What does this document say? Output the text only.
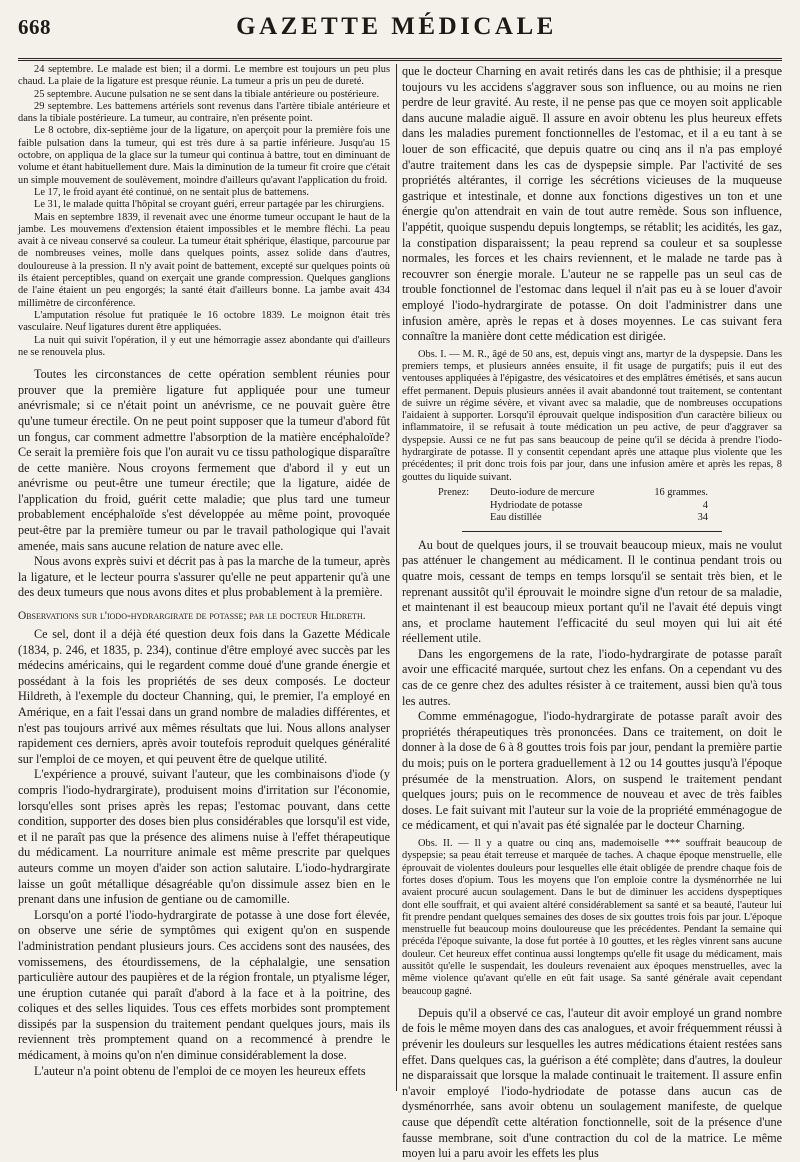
668	GAZETTE MÉDICALE

24 septembre. Le malade est bien; il a dormi. Le membre est toujours un peu plus chaud. La plaie de la ligature est presque réunie. La tumeur a pris un peu de dureté.

25 septembre. Aucune pulsation ne se sent dans la tibiale antérieure ou postérieure.

29 septembre. Les battemens artériels sont revenus dans l'artère tibiale antérieure et dans la tibiale postérieure. La tumeur, au contraire, n'en présente point.

Le 8 octobre, dix-septième jour de la ligature, on aperçoit pour la première fois une faible pulsation dans la tumeur, qui est très dure à sa partie inférieure. Jusqu'au 15 octobre, on appliqua de la glace sur la tumeur qui continua à battre, tout en diminuant de volume et étant habituellement dure. Mais la diminution de la tumeur fit croire que c'était un simple mouvement de soulèvement, moindre d'ailleurs qu'avant l'application du froid.

Le 17, le froid ayant été continué, on ne sentait plus de battemens.

Le 31, le malade quitta l'hôpital se croyant guéri, erreur partagée par les chirurgiens.

Mais en septembre 1839, il revenait avec une énorme tumeur occupant le haut de la jambe. Les mouvemens d'extension étaient impossibles et le membre fléchi. La peau avait à ce niveau conservé sa couleur. La tumeur était sphérique, élastique, parcourue par de nombreuses veines, molle dans quelques points, assez solide dans d'autres, douloureuse à la pression. Il n'y avait point de battement, excepté sur quelques points où ils étaient perceptibles, quand on exerçait une grande compression. Quelques ganglions de l'aine étaient un peu engorgés; la santé était d'ailleurs bonne. La jambe avait 434 millimètre de circonférence.

L'amputation résolue fut pratiquée le 16 octobre 1839. Le moignon était très vasculaire. Neuf ligatures durent être appliquées.

La nuit qui suivit l'opération, il y eut une hémorragie assez abondante qui d'ailleurs ne se renouvela plus.

Toutes les circonstances de cette opération semblent réunies pour prouver que la première ligature fut appliquée pour une tumeur anévrismale; si ce n'était point un anévrisme, ce ne pouvait guère être qu'une tumeur érectile. On ne peut point supposer que la tumeur d'abord fût un fongus, car comment admettre l'absorption de la matière encéphaloïde? Ce serait la première fois que l'on aurait vu ce tissu pathologique disparaître de cette manière. Nous croyons fermement que d'abord il y eut un anévrisme ou peut-être une tumeur érectile; que la ligature, aidée de l'application du froid, guérit cette maladie; que plus tard une tumeur probablement encéphaloïde s'est développée au même point, provoquée peut-être par la première tumeur ou par le travail pathologique qui l'avait amenée, mais sans aucune relation de nature avec elle.

Nous avons exprès suivi et décrit pas à pas la marche de la tumeur, après la ligature, et le lecteur pourra s'assurer qu'elle ne peut appartenir qu'à une des deux tumeurs que nous avons dites et plus probablement à la première.

Observations sur l'iodo-hydrargirate de potasse; par le docteur Hildreth.

Ce sel, dont il a déjà été question deux fois dans la Gazette Médicale (1834, p. 246, et 1835, p. 234), continue d'être employé avec succès par les médecins américains, qui le regardent comme doué d'une grande énergie et possédant à la fois les propriétés de ses deux composés. Le docteur Hildreth, à l'exemple du docteur Channing, qui, le premier, l'a employé en Amérique, en a fait l'essai dans un grand nombre de maladies différentes, et n'est pas toujours arrivé aux mêmes résultats que lui. Nous allons analyser rapidement ces derniers, après avoir toutefois reproduit quelques généralité sur l'emploi de ce moyen, et qui peuvent être de quelque utilité.

L'expérience a prouvé, suivant l'auteur, que les combinaisons d'iode (y compris l'iodo-hydrargirate), produisent moins d'irritation sur l'économie, lorsqu'elles sont prises après les repas; l'estomac pouvant, dans cette condition, supporter des doses bien plus considérables que lorsqu'il est vide, et il ne paraît pas que la présence des alimens nuise à l'effet thérapeutique du médicament. La nourriture animale est même prescrite par quelques auteurs comme un moyen d'aider son action salutaire. L'iodo-hydrargirate laisse un goût métallique désagréable qu'on dissimule assez bien en le prenant dans une infusion de gentiane ou de camomille.

Lorsqu'on a porté l'iodo-hydrargirate de potasse à une dose fort élevée, on observe une série de symptômes qui exigent qu'on en suspende l'administration pendant plusieurs jours. Ces accidens sont des nausées, des vomissemens, des étourdissemens, de la céphalalgie, une sensation particulière autour des paupières et de la région frontale, un ptyalisme léger, une éruption cutanée qui paraît d'abord à la face et à la poitrine, des coliques et des selles liquides. Tous ces effets morbides sont promptement dissipés par la suspension du traitement pendant quelques jours, mais ils reviennent très promptement quand on a recommencé à prendre le médicament, à moins qu'on n'en diminue considérablement la dose.

L'auteur n'a point obtenu de l'emploi de ce moyen les heureux effets

que le docteur Charning en avait retirés dans les cas de phthisie; il a presque toujours vu les accidens s'aggraver sous son influence, ou au moins ne rien perdre de leur gravité. Au reste, il ne pense pas que ce moyen soit applicable dans aucune maladie aiguë. Il assure en avoir obtenu les plus heureux effets dans les maladies purement fonctionnelles de l'estomac, et il a eu tant à se louer de son efficacité, que depuis quatre ou cinq ans il n'a pas employé d'autre traitement dans les cas de dyspepsie simple. Par l'activité de ses propriétés altérantes, il corrige les sécrétions vicieuses de la muqueuse gastrique et intestinale, et donne aux fonctions digestives un ton et une énergie qu'on attendrait en vain de tout autre remède. Sous son influence, l'appétit, quoique suspendu depuis longtemps, se rétablit; les acidités, les gaz, la constipation disparaissent; la peau reprend sa couleur et sa souplesse normales, les forces et les chairs reviennent, et le malade ne tarde pas à recouvrer son énergie morale. L'auteur ne se rappelle pas un seul cas de trouble fonctionnel de l'estomac dans lequel il n'ait pas eu à se louer d'avoir employé l'iodo-hydrargirate de potasse. On doit l'administrer dans une infusion amère, après le repas et à doses moyennes. Le cas suivant fera connaître la manière dont cette médication est dirigée.

Obs. I. — M. R., âgé de 50 ans, est, depuis vingt ans, martyr de la dyspepsie. Dans les premiers temps, et plusieurs années ensuite, il fit usage de purgatifs; puis il eut des ventouses appliquées à l'épigastre, des vésicatoires et des emplâtres émétisés, et sans aucun effet permanent. Depuis plusieurs années il avait abandonné tout traitement, se contentant de suivre un régime sévère, et vivant avec sa maladie, que de nombreuses occupations l'aidaient à supporter. Lorsqu'il éprouvait quelque indisposition d'un caractère bilieux ou inflammatoire, il se refusait à toute médication un peu active, de peur d'aggraver sa dyspepsie. Aussi ce ne fut pas sans beaucoup de peine qu'il se décida à prendre l'iodo-hydrargirate de potasse. Il y consentit cependant après une attaque plus violente que les précédentes; il prit donc trois fois par jour, dans une infusion amère et après les repas, 8 gouttes du liquide suivant.

Prenez:	Deuto-iodure de mercure	16 grammes.
Hydriodate de potasse	4
Eau distillée	34

Au bout de quelques jours, il se trouvait beaucoup mieux, mais ne voulut pas atténuer le changement au médicament. Il le continua pendant trois ou quatre mois, cessant de temps en temps lorsqu'il se sentait très bien, et le reprenant aussitôt qu'il éprouvait le moindre signe d'un retour de sa maladie, et maintenant il est beaucoup mieux portant qu'il ne l'avait été depuis vingt ans, et proclame hautement l'efficacité du seul moyen qui lui ait été réellement utile.

Dans les engorgemens de la rate, l'iodo-hydrargirate de potasse paraît avoir une efficacité marquée, surtout chez les enfans. On a cependant vu des cas de ce genre chez des adultes résister à ce traitement, aussi bien qu'à tous les autres.

Comme emménagogue, l'iodo-hydrargirate de potasse paraît avoir des propriétés thérapeutiques très prononcées. Dans ce traitement, on doit le donner à la dose de 6 à 8 gouttes trois fois par jour, pendant la première partie du mois; puis on le portera graduellement à 12 ou 14 gouttes jusqu'à l'époque présumée de la menstruation. Alors, on suspend le traitement pendant quelques jours; puis on le recommence de nouveau et avec de très faibles doses. Le fait suivant mit l'auteur sur la voie de la propriété emménagogue de ce médicament, et qui n'avait pas été signalée par le docteur Charning.

Obs. II. — Il y a quatre ou cinq ans, mademoiselle *** souffrait beaucoup de dyspepsie; sa peau était terreuse et marquée de taches. A chaque époque menstruelle, elle éprouvait de violentes douleurs pour lesquelles elle était obligée de prendre chaque fois de fortes doses d'opium. Tous les moyens que l'on emploie contre la dysménorrhée ne lui avaient procuré aucun soulagement. Dans le but de diminuer les accidens dyspeptiques dont elle souffrait, et qui avaient altéré considérablement sa santé et sa beauté, l'auteur lui fit prendre pendant quelques semaines des doses de six gouttes trois fois par jour. L'époque menstruelle fut beaucoup moins douloureuse que les précédentes. Pendant la semaine qui précéda l'époque suivante, la dose fut portée à 10 gouttes, et les règles vinrent sans aucune douleur. Cet heureux effet continua aussi longtemps qu'elle fit usage du médicament, mais aussitôt qu'elle le suspendait, les douleurs revenaient aux époques menstruelles, avec la même violence qu'avant qu'elle en eût fait usage. Sa santé générale avait cependant beaucoup gagné.

Depuis qu'il a observé ce cas, l'auteur dit avoir employé un grand nombre de fois le même moyen dans des cas analogues, et avoir fréquemment réussi à prévenir les douleurs sur lesquelles les autres médications étaient restées sans effet. Dans quelques cas, la guérison a été complète; dans d'autres, la douleur ne disparaissait que lorsque la malade continuait le traitement. Il assure enfin n'avoir employé l'iodo-hydriodate de potasse dans aucun cas de dysménorrhée, sans avoir obtenu un soulagement manifeste, de quelque cause que dépendît cette altération fonctionnelle, soit de la présence d'une fausse membrane, soit d'une contraction du col de la matrice. Le même moyen lui a paru avoir les effets les plus
